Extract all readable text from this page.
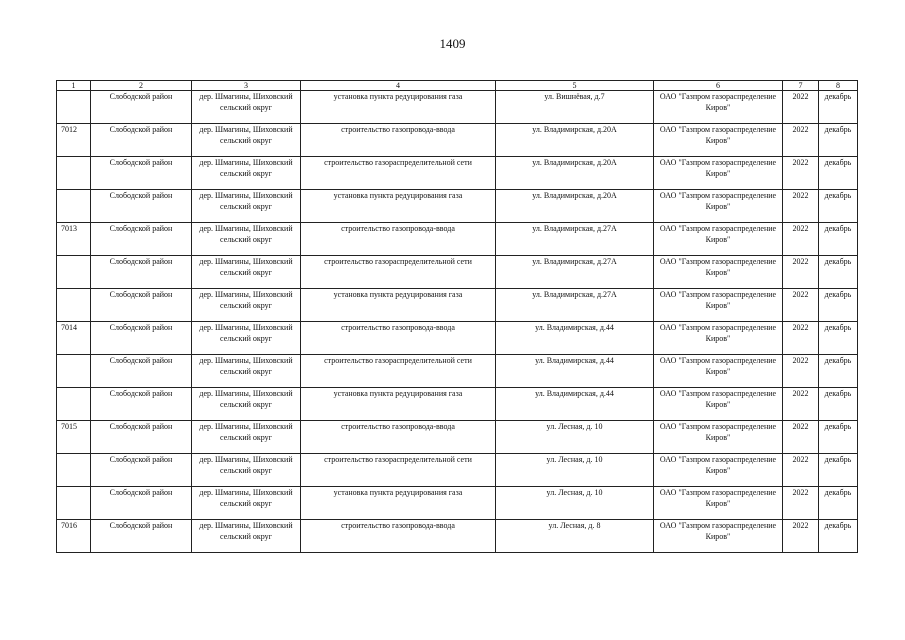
1409
1	2	3	4	5	6	7	8
	Слободской район	дер. Шмагины, Шиховский сельский округ	установка пункта редуцирования газа	ул. Вишнёвая, д.7	ОАО "Газпром газораспределение Киров"	2022	декабрь
7012	Слободской район	дер. Шмагины, Шиховский сельский округ	строительство газопровода-ввода	ул. Владимирская, д.20А	ОАО "Газпром газораспределение Киров"	2022	декабрь
	Слободской район	дер. Шмагины, Шиховский сельский округ	строительство газораспределительной сети	ул. Владимирская, д.20А	ОАО "Газпром газораспределение Киров"	2022	декабрь
	Слободской район	дер. Шмагины, Шиховский сельский округ	установка пункта редуцирования газа	ул. Владимирская, д.20А	ОАО "Газпром газораспределение Киров"	2022	декабрь
7013	Слободской район	дер. Шмагины, Шиховский сельский округ	строительство газопровода-ввода	ул. Владимирская, д.27А	ОАО "Газпром газораспределение Киров"	2022	декабрь
	Слободской район	дер. Шмагины, Шиховский сельский округ	строительство газораспределительной сети	ул. Владимирская, д.27А	ОАО "Газпром газораспределение Киров"	2022	декабрь
	Слободской район	дер. Шмагины, Шиховский сельский округ	установка пункта редуцирования газа	ул. Владимирская, д.27А	ОАО "Газпром газораспределение Киров"	2022	декабрь
7014	Слободской район	дер. Шмагины, Шиховский сельский округ	строительство газопровода-ввода	ул. Владимирская, д.44	ОАО "Газпром газораспределение Киров"	2022	декабрь
	Слободской район	дер. Шмагины, Шиховский сельский округ	строительство газораспределительной сети	ул. Владимирская, д.44	ОАО "Газпром газораспределение Киров"	2022	декабрь
	Слободской район	дер. Шмагины, Шиховский сельский округ	установка пункта редуцирования газа	ул. Владимирская, д.44	ОАО "Газпром газораспределение Киров"	2022	декабрь
7015	Слободской район	дер. Шмагины, Шиховский сельский округ	строительство газопровода-ввода	ул. Лесная, д. 10	ОАО "Газпром газораспределение Киров"	2022	декабрь
	Слободской район	дер. Шмагины, Шиховский сельский округ	строительство газораспределительной сети	ул. Лесная, д. 10	ОАО "Газпром газораспределение Киров"	2022	декабрь
	Слободской район	дер. Шмагины, Шиховский сельский округ	установка пункта редуцирования газа	ул. Лесная, д. 10	ОАО "Газпром газораспределение Киров"	2022	декабрь
7016	Слободской район	дер. Шмагины, Шиховский сельский округ	строительство газопровода-ввода	ул. Лесная, д. 8	ОАО "Газпром газораспределение Киров"	2022	декабрь
